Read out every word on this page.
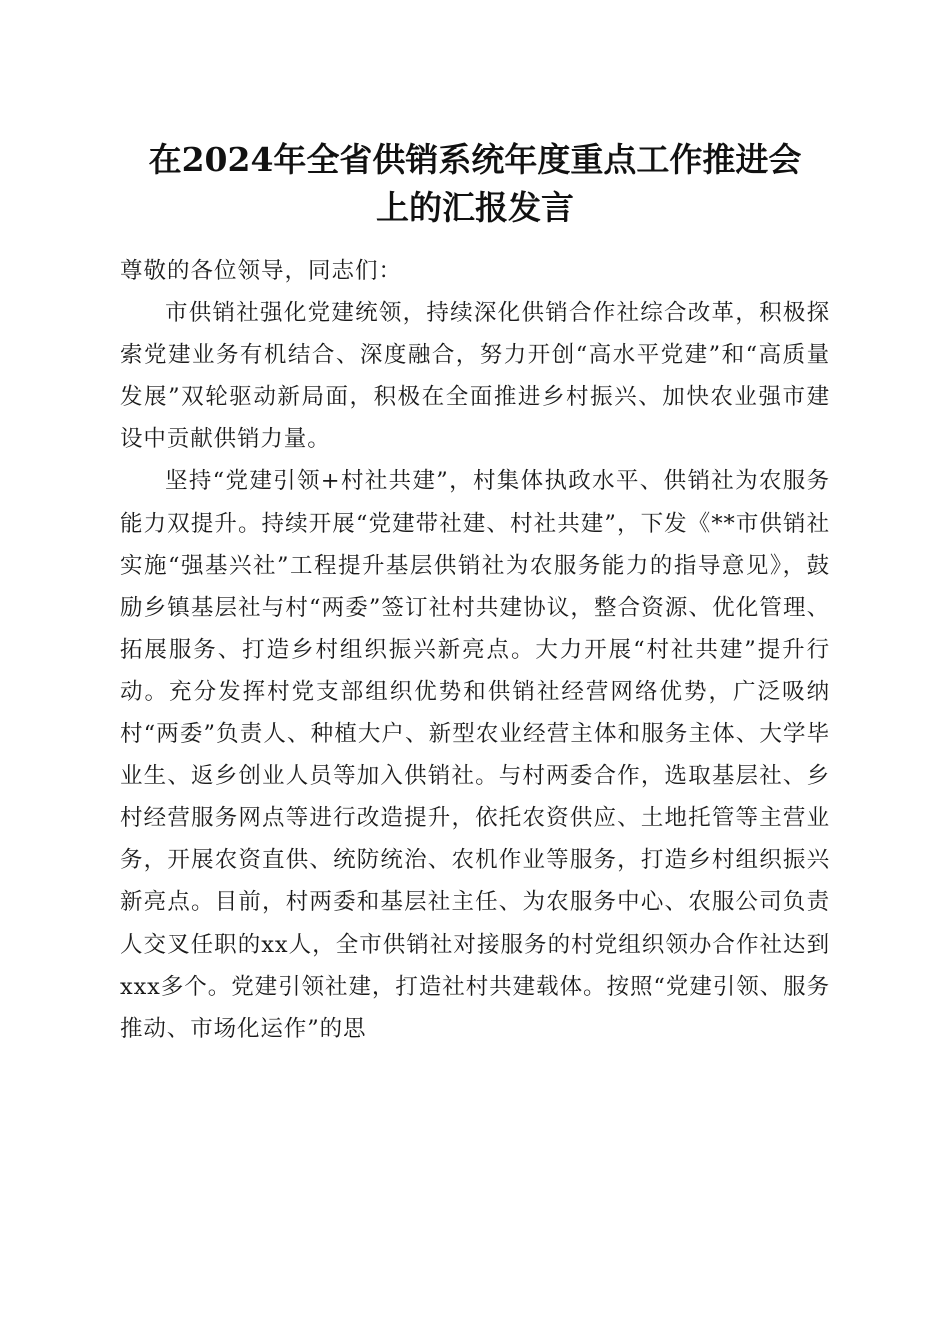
在2024年全省供销系统年度重点工作推进会
上的汇报发言

尊敬的各位领导，同志们：

市供销社强化党建统领，持续深化供销合作社综合改革，积极探索党建业务有机结合、深度融合，努力开创“高水平党建”和“高质量发展”双轮驱动新局面，积极在全面推进乡村振兴、加快农业强市建设中贡献供销力量。

坚持“党建引领+村社共建”，村集体执政水平、供销社为农服务能力双提升。持续开展“党建带社建、村社共建”，下发《**市供销社实施“强基兴社”工程提升基层供销社为农服务能力的指导意见》，鼓励乡镇基层社与村“两委”签订社村共建协议，整合资源、优化管理、拓展服务、打造乡村组织振兴新亮点。大力开展“村社共建”提升行动。充分发挥村党支部组织优势和供销社经营网络优势，广泛吸纳村“两委”负责人、种植大户、新型农业经营主体和服务主体、大学毕业生、返乡创业人员等加入供销社。与村两委合作，选取基层社、乡村经营服务网点等进行改造提升，依托农资供应、土地托管等主营业务，开展农资直供、统防统治、农机作业等服务，打造乡村组织振兴新亮点。目前，村两委和基层社主任、为农服务中心、农服公司负责人交叉任职的xx人，全市供销社对接服务的村党组织领办合作社达到xxx多个。党建引领社建，打造社村共建载体。按照“党建引领、服务推动、市场化运作”的思
